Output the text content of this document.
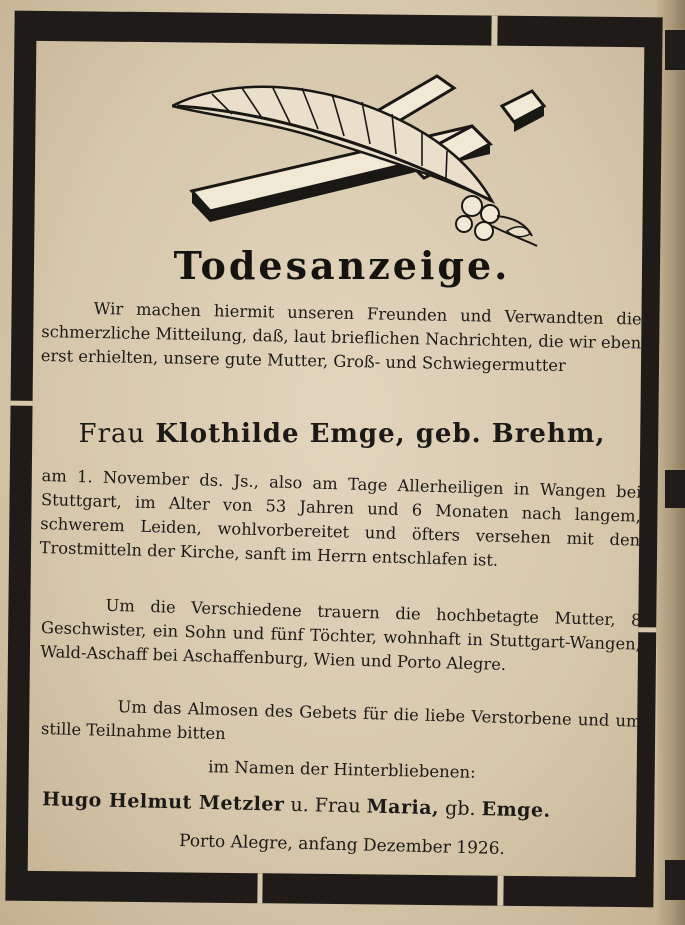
Todesanzeige.
Wir machen hiermit unseren Freunden und Verwandten die schmerzliche Mitteilung, daß, laut brieflichen Nachrichten, die wir eben erst erhielten, unsere gute Mutter, Groß- und Schwiegermutter
Frau Klothilde Emge, geb. Brehm,
am 1. November ds. Js., also am Tage Allerheiligen in Wangen bei Stuttgart, im Alter von 53 Jahren und 6 Monaten nach langem, schwerem Leiden, wohlvorbereitet und öfters versehen mit den Trostmitteln der Kirche, sanft im Herrn entschlafen ist.
Um die Verschiedene trauern die hochbetagte Mutter, 8 Geschwister, ein Sohn und fünf Töchter, wohnhaft in Stuttgart-Wangen, Wald-Aschaff bei Aschaffenburg, Wien und Porto Alegre.
Um das Almosen des Gebets für die liebe Verstorbene und um stille Teilnahme bitten
im Namen der Hinterbliebenen:
Hugo Helmut Metzler u. Frau Maria, gb. Emge.
Porto Alegre, anfang Dezember 1926.
